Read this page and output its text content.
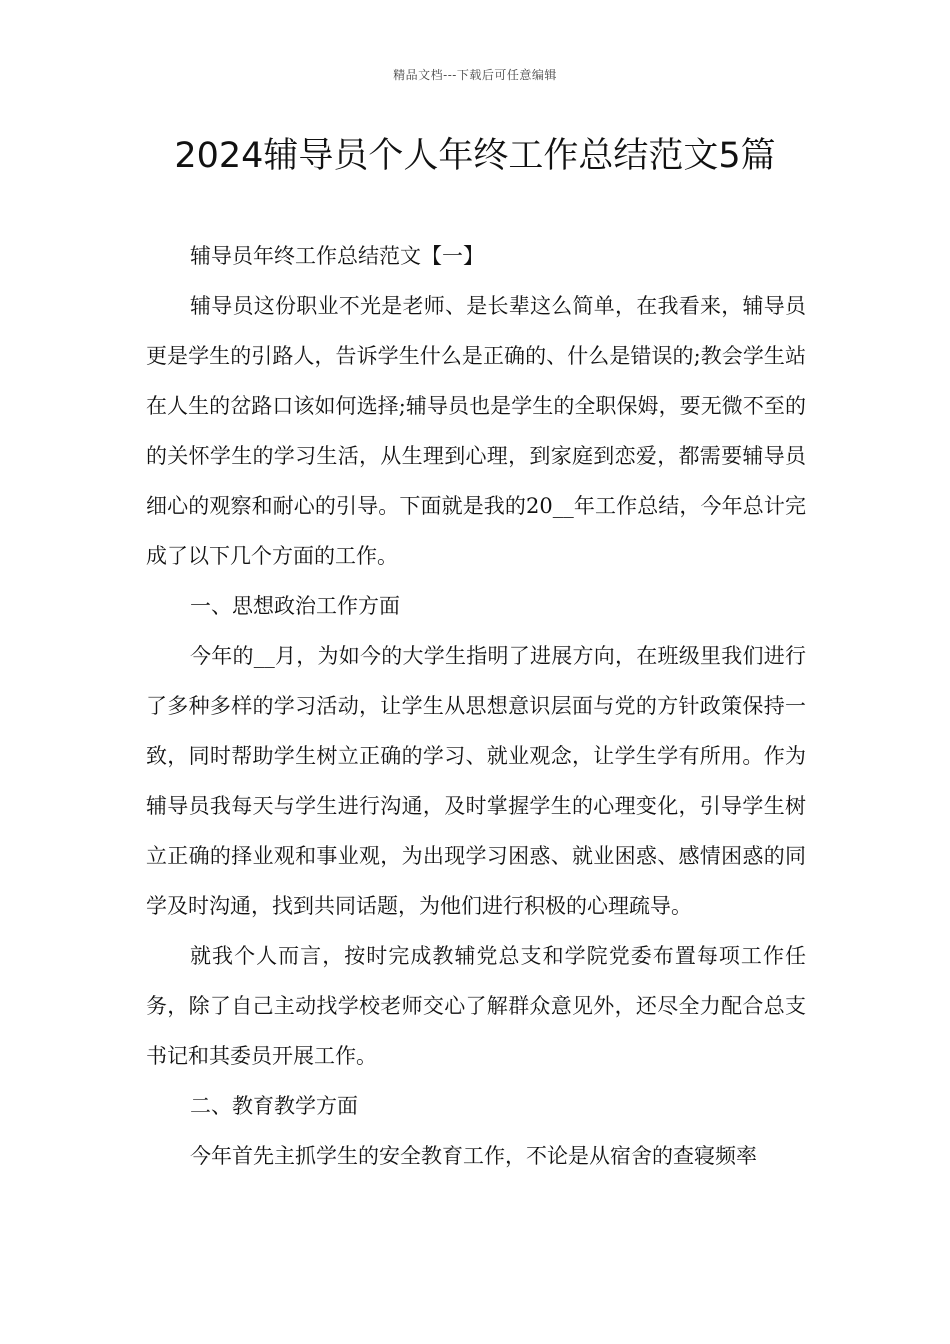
精品文档---下载后可任意编辑
2024辅导员个人年终工作总结范文5篇

辅导员年终工作总结范文【一】

辅导员这份职业不光是老师、是长辈这么简单，在我看来，辅导员更是学生的引路人，告诉学生什么是正确的、什么是错误的;教会学生站在人生的岔路口该如何选择;辅导员也是学生的全职保姆，要无微不至的的关怀学生的学习生活，从生理到心理，到家庭到恋爱，都需要辅导员细心的观察和耐心的引导。下面就是我的20__年工作总结，今年总计完成了以下几个方面的工作。

一、思想政治工作方面

今年的__月，为如今的大学生指明了进展方向，在班级里我们进行了多种多样的学习活动，让学生从思想意识层面与党的方针政策保持一致，同时帮助学生树立正确的学习、就业观念，让学生学有所用。作为辅导员我每天与学生进行沟通，及时掌握学生的心理变化，引导学生树立正确的择业观和事业观，为出现学习困惑、就业困惑、感情困惑的同学及时沟通，找到共同话题，为他们进行积极的心理疏导。

就我个人而言，按时完成教辅党总支和学院党委布置每项工作任务，除了自己主动找学校老师交心了解群众意见外，还尽全力配合总支书记和其委员开展工作。

二、教育教学方面

今年首先主抓学生的安全教育工作，不论是从宿舍的查寝频率
